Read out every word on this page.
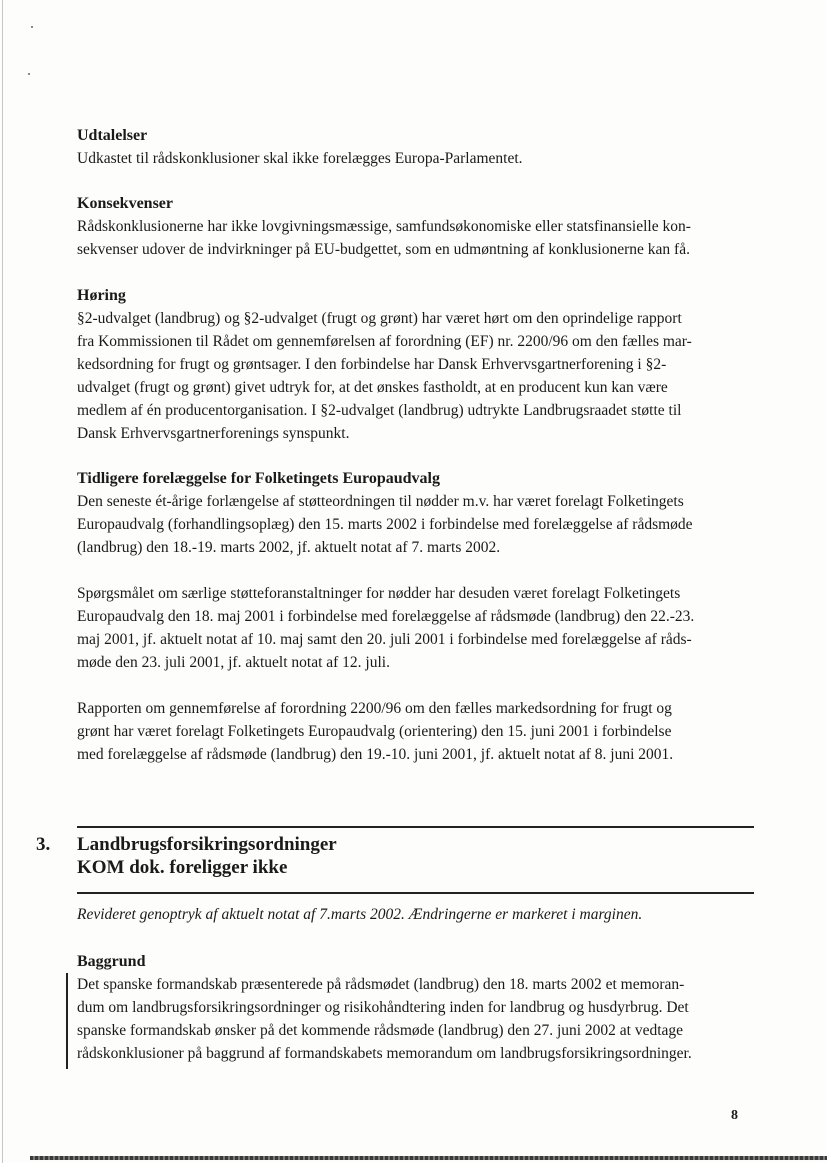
Udtalelser

Udkastet til rådskonklusioner skal ikke forelægges Europa-Parlamentet.

Konsekvenser

Rådskonklusionerne har ikke lovgivningsmæssige, samfundsøkonomiske eller statsfinansielle kon-

sekvenser udover de indvirkninger på EU-budgettet, som en udmøntning af konklusionerne kan få.

Høring

§2-udvalget (landbrug) og §2-udvalget (frugt og grønt) har været hørt om den oprindelige rapport

fra Kommissionen til Rådet om gennemførelsen af forordning (EF) nr. 2200/96 om den fælles mar-

kedsordning for frugt og grøntsager. I den forbindelse har Dansk Erhvervsgartnerforening i §2-

udvalget (frugt og grønt) givet udtryk for, at det ønskes fastholdt, at en producent kun kan være

medlem af én producentorganisation. I §2-udvalget (landbrug) udtrykte Landbrugsraadet støtte til

Dansk Erhvervsgartnerforenings synspunkt.

Tidligere forelæggelse for Folketingets Europaudvalg

Den seneste ét-årige forlængelse af støtteordningen til nødder m.v. har været forelagt Folketingets

Europaudvalg (forhandlingsoplæg) den 15. marts 2002 i forbindelse med forelæggelse af rådsmøde

(landbrug) den 18.-19. marts 2002, jf. aktuelt notat af 7. marts 2002.

Spørgsmålet om særlige støtteforanstaltninger for nødder har desuden været forelagt Folketingets

Europaudvalg den 18. maj 2001 i forbindelse med forelæggelse af rådsmøde (landbrug) den 22.-23.

maj 2001, jf. aktuelt notat af 10. maj samt den 20. juli 2001 i forbindelse med forelæggelse af råds-

møde den 23. juli 2001, jf. aktuelt notat af 12. juli.

Rapporten om gennemførelse af forordning 2200/96 om den fælles markedsordning for frugt og

grønt har været forelagt Folketingets Europaudvalg (orientering) den 15. juni 2001 i forbindelse

med forelæggelse af rådsmøde (landbrug) den 19.-10. juni 2001, jf. aktuelt notat af 8. juni 2001.

3. Landbrugsforsikringsordninger
KOM dok. foreligger ikke
Revideret genoptryk af aktuelt notat af 7.marts 2002. Ændringerne er markeret i marginen.

Baggrund

Det spanske formandskab præsenterede på rådsmødet (landbrug) den 18. marts 2002 et memoran-

dum om landbrugsforsikringsordninger og risikohåndtering inden for landbrug og husdyrbrug. Det

spanske formandskab ønsker på det kommende rådsmøde (landbrug) den 27. juni 2002 at vedtage

rådskonklusioner på baggrund af formandskabets memorandum om landbrugsforsikringsordninger.

8
